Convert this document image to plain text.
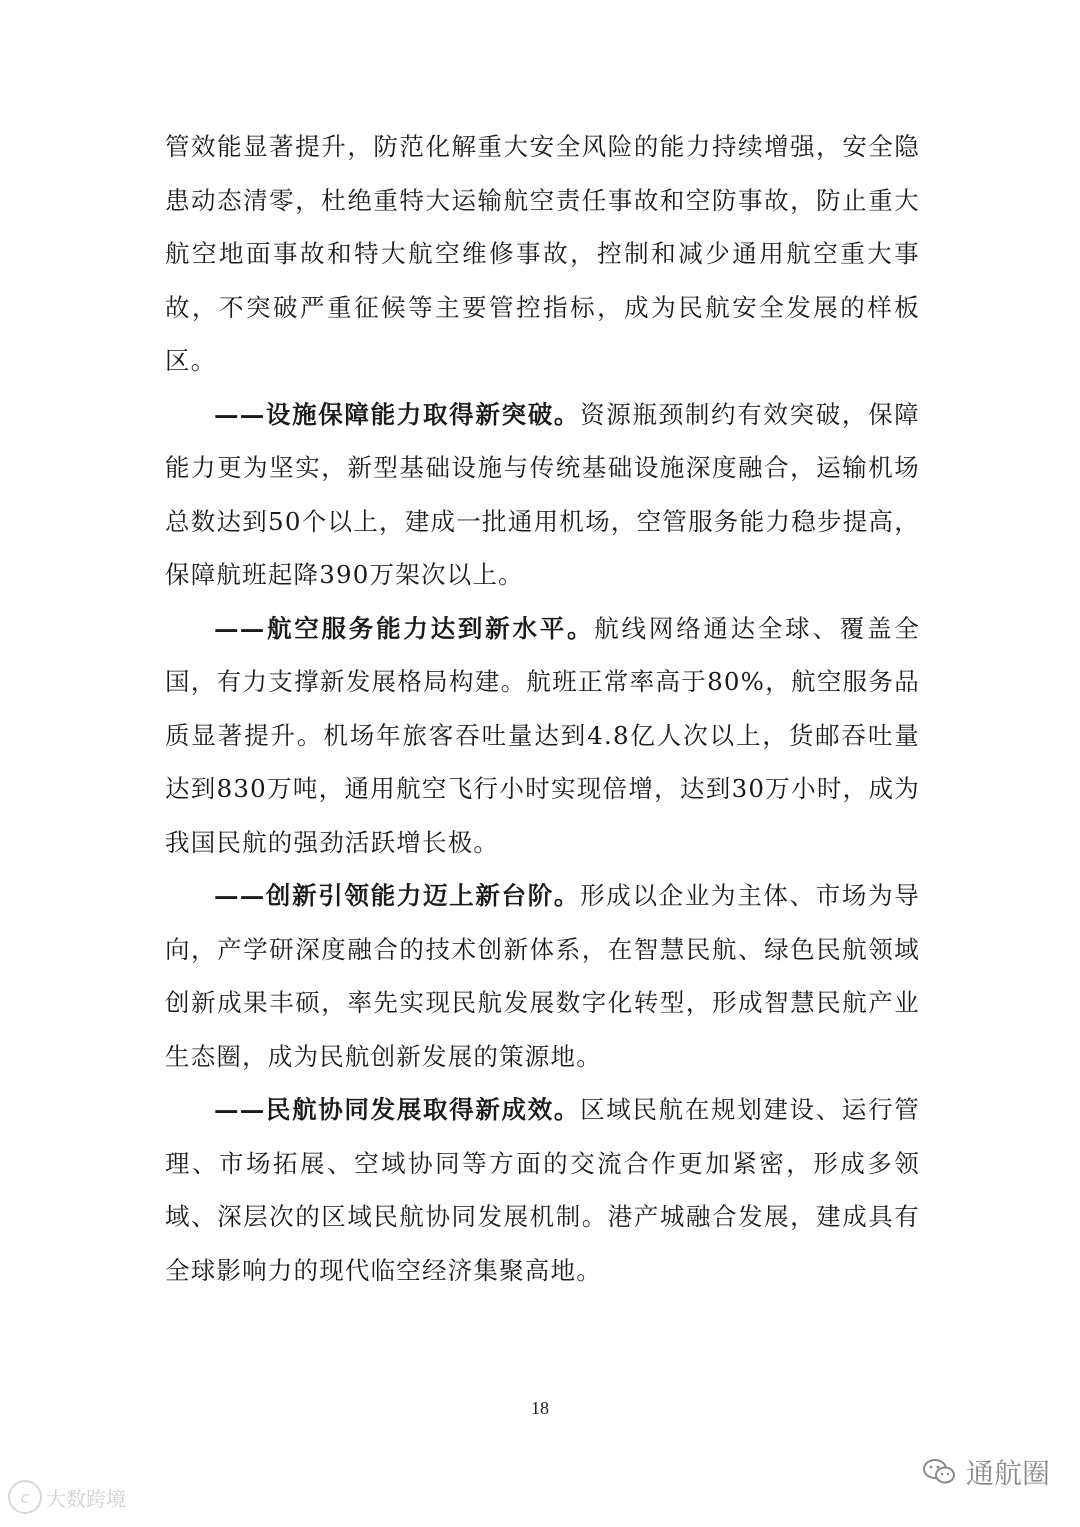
管效能显著提升，防范化解重大安全风险的能力持续增强，安全隐患动态清零，杜绝重特大运输航空责任事故和空防事故，防止重大航空地面事故和特大航空维修事故，控制和减少通用航空重大事故，不突破严重征候等主要管控指标，成为民航安全发展的样板区。

——设施保障能力取得新突破。资源瓶颈制约有效突破，保障能力更为坚实，新型基础设施与传统基础设施深度融合，运输机场总数达到50个以上，建成一批通用机场，空管服务能力稳步提高，保障航班起降390万架次以上。

——航空服务能力达到新水平。航线网络通达全球、覆盖全国，有力支撑新发展格局构建。航班正常率高于80%，航空服务品质显著提升。机场年旅客吞吐量达到4.8亿人次以上，货邮吞吐量达到830万吨，通用航空飞行小时实现倍增，达到30万小时，成为我国民航的强劲活跃增长极。

——创新引领能力迈上新台阶。形成以企业为主体、市场为导向，产学研深度融合的技术创新体系，在智慧民航、绿色民航领域创新成果丰硕，率先实现民航发展数字化转型，形成智慧民航产业生态圈，成为民航创新发展的策源地。

——民航协同发展取得新成效。区域民航在规划建设、运行管理、市场拓展、空域协同等方面的交流合作更加紧密，形成多领域、深层次的区域民航协同发展机制。港产城融合发展，建成具有全球影响力的现代临空经济集聚高地。

18
c 大数跨境
通航圈
